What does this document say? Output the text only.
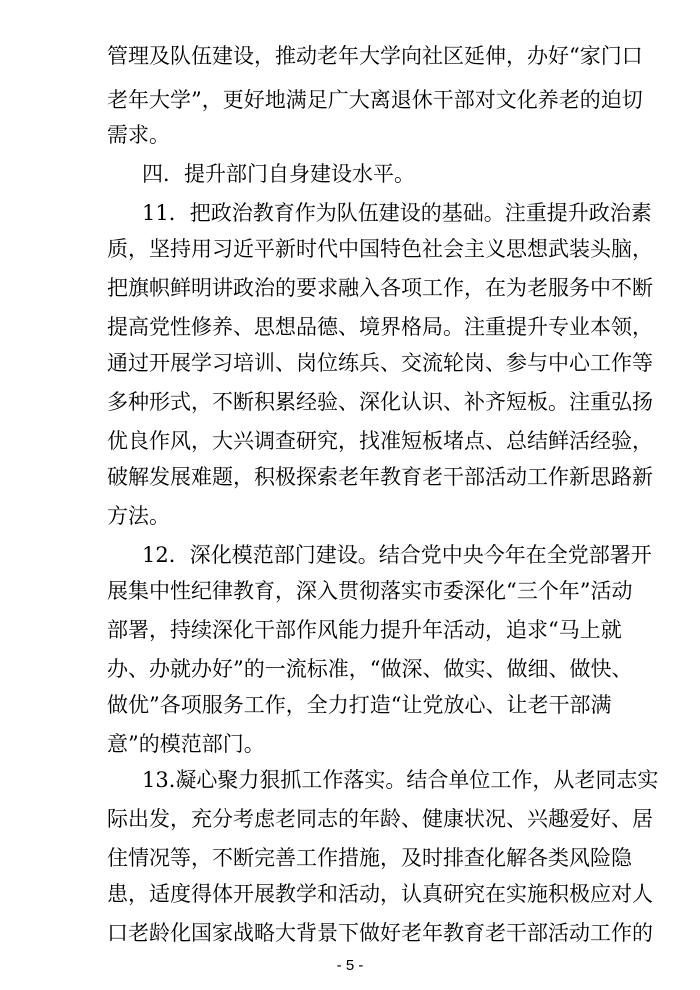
管理及队伍建设，推动老年大学向社区延伸，办好“家门口
老年大学”，更好地满足广大离退休干部对文化养老的迫切
需求。
四．提升部门自身建设水平。
11．把政治教育作为队伍建设的基础。注重提升政治素
质，坚持用习近平新时代中国特色社会主义思想武装头脑，
把旗帜鲜明讲政治的要求融入各项工作，在为老服务中不断
提高党性修养、思想品德、境界格局。注重提升专业本领，
通过开展学习培训、岗位练兵、交流轮岗、参与中心工作等
多种形式，不断积累经验、深化认识、补齐短板。注重弘扬
优良作风，大兴调查研究，找准短板堵点、总结鲜活经验，
破解发展难题，积极探索老年教育老干部活动工作新思路新
方法。
12．深化模范部门建设。结合党中央今年在全党部署开
展集中性纪律教育，深入贯彻落实市委深化“三个年”活动
部署，持续深化干部作风能力提升年活动，追求“马上就
办、办就办好”的一流标准，“做深、做实、做细、做快、
做优”各项服务工作，全力打造“让党放心、让老干部满
意”的模范部门。
13.凝心聚力狠抓工作落实。结合单位工作，从老同志实
际出发，充分考虑老同志的年龄、健康状况、兴趣爱好、居
住情况等，不断完善工作措施，及时排查化解各类风险隐
患，适度得体开展教学和活动，认真研究在实施积极应对人
口老龄化国家战略大背景下做好老年教育老干部活动工作的
- 5 -
